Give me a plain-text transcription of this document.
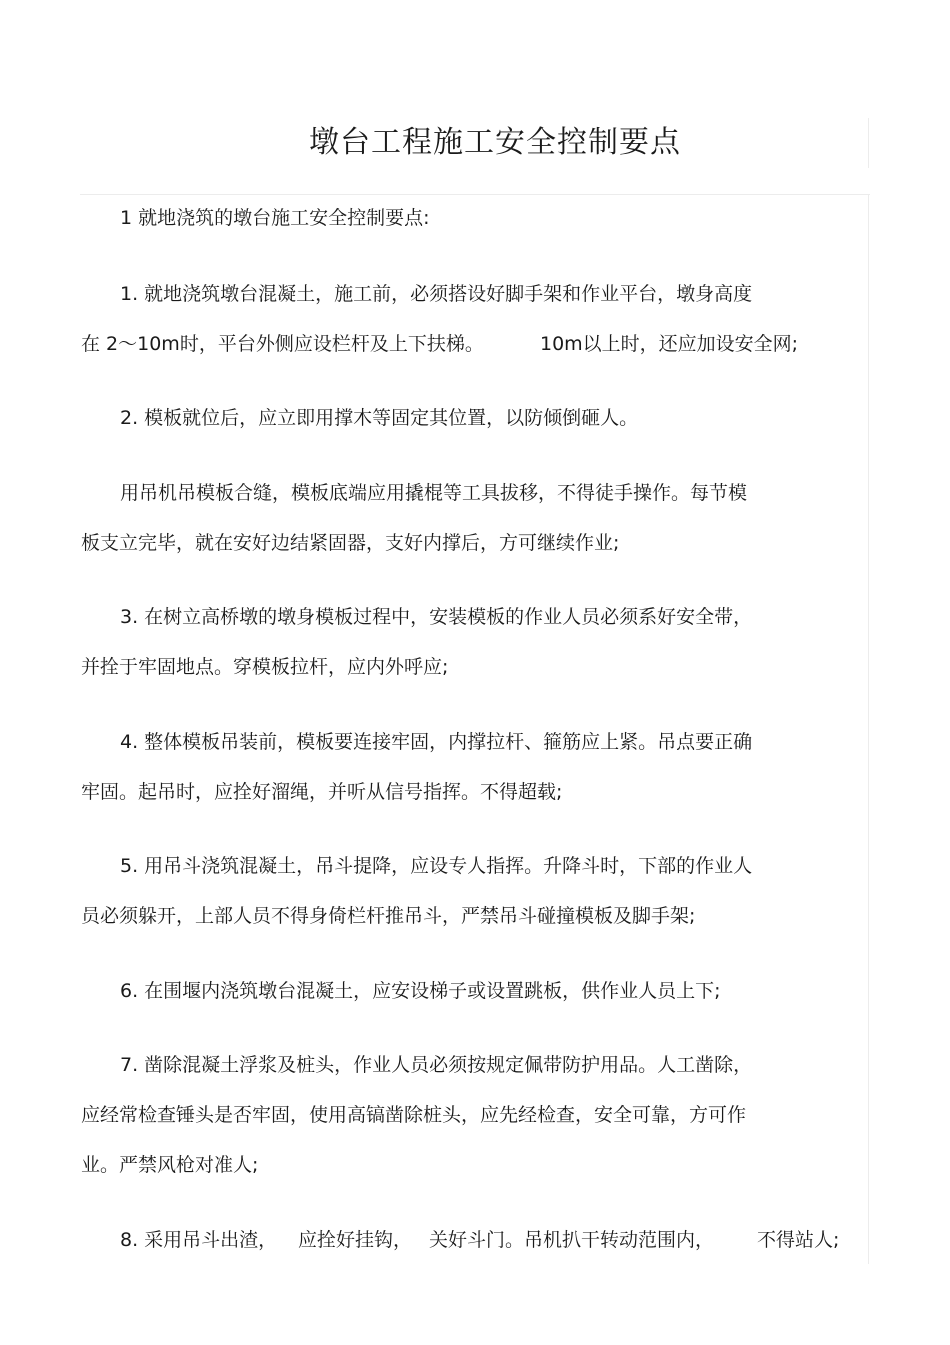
墩台工程施工安全控制要点

1 就地浇筑的墩台施工安全控制要点:

1. 就地浇筑墩台混凝土，施工前，必须搭设好脚手架和作业平台，墩身高度

在 2～10m时，平台外侧应设栏杆及上下扶梯。	10m以上时，还应加设安全网;

2. 模板就位后，应立即用撑木等固定其位置，以防倾倒砸人。

用吊机吊模板合缝，模板底端应用撬棍等工具拔移，不得徒手操作。每节模

板支立完毕，就在安好边结紧固器，支好内撑后，方可继续作业;

3. 在树立高桥墩的墩身模板过程中，安装模板的作业人员必须系好安全带，

并拴于牢固地点。穿模板拉杆，应内外呼应;

4. 整体模板吊装前，模板要连接牢固，内撑拉杆、箍筋应上紧。吊点要正确

牢固。起吊时，应拴好溜绳，并听从信号指挥。不得超载;

5. 用吊斗浇筑混凝土，吊斗提降，应设专人指挥。升降斗时，下部的作业人

员必须躲开，上部人员不得身倚栏杆推吊斗，严禁吊斗碰撞模板及脚手架;

6. 在围堰内浇筑墩台混凝土，应安设梯子或设置跳板，供作业人员上下;

7. 凿除混凝土浮浆及桩头，作业人员必须按规定佩带防护用品。人工凿除，

应经常检查锤头是否牢固，使用高镐凿除桩头，应先经检查，安全可靠，方可作

业。严禁风枪对准人;

8. 采用吊斗出渣， 应拴好挂钩， 关好斗门。吊机扒干转动范围内， 不得站人;
